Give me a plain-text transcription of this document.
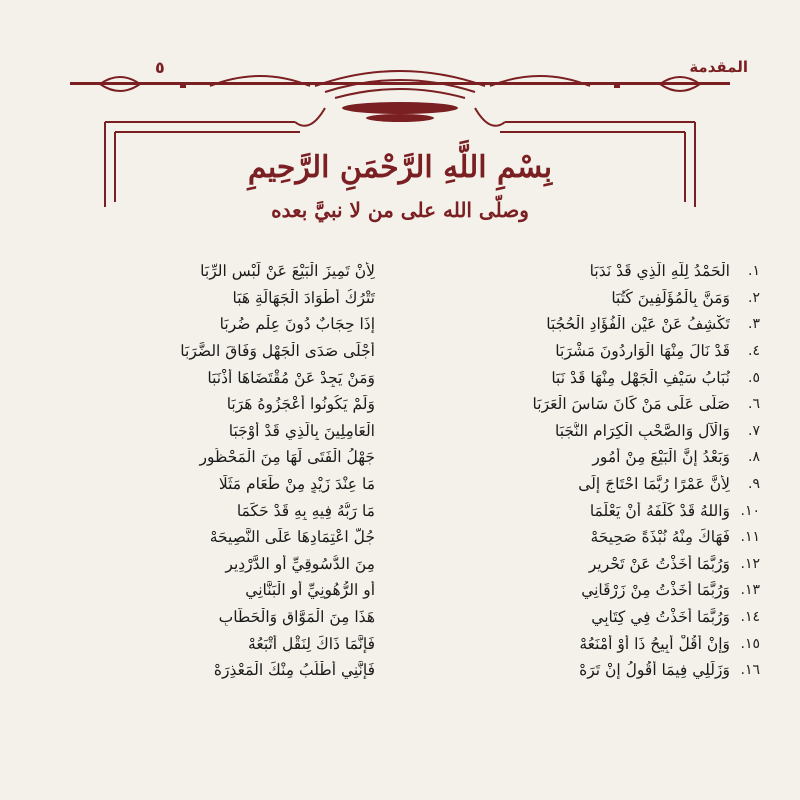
المقدمة
٥
بِسْمِ اللَّهِ الرَّحْمَنِ الرَّحِيمِ
وصلّى الله على من لا نبيَّ بعده
١.
الْحَمْدُ لِلَّهِ الَّذِي قَدْ نَدَبَا
لِأَنْ تَمِيزَ الْبَيْعَ عَنْ لَبْسِ الرِّبَا
٢.
وَمَنَّ بِالْمُؤَلِّفِينَ كُتُبَا
تَتْرُكُ أَطْوَادَ الْجَهَالَةِ هَبَا
٣.
تَكْشِفُ عَنْ عَيْنِ الْفُؤَادِ الْحُجُبَا
إِذَا حِجَابٌ دُونَ عِلْمٍ ضُرِبَا
٤.
قَدْ نَالَ مِنْهَا الْوَارِدُونَ مَشْرَبَا
أَجْلَى صَدَى الْجَهْلِ وَفَاقَ الضَّرَبَا
٥.
نُبَابُ سَيْفِ الْجَهْلِ مِنْهَا قَدْ نَبَا
وَمَنْ يَجِدْ عَنْ مُقْتَضَاهَا أَذْنَبَا
٦.
صَلَّى عَلَى مَنْ كَانَ سَاسَ الْعَرَبَا
وَلَمْ يَكُونُوا أَعْجَزُوهُ هَرَبَا
٧.
وَالْآلِ وَالصَّحْبِ الْكِرَامِ النُّجَبَا
الْعَامِلِينَ بِالَّذِي قَدْ أَوْجَبَا
٨.
وَبَعْدُ إِنَّ الْبَيْعَ مِنْ أُمُورِ
جَهْلُ الْفَتَى لَهَا مِنَ الْمَحْظُورِ
٩.
لِأَنَّ عَمْرًا رُبَّمَا احْتَاجَ إِلَى
مَا عِنْدَ زَيْدٍ مِنْ طَعَامٍ مَثَلًا
١٠.
وَاللهُ قَدْ كَلَّفَهُ أَنْ يَعْلَمَا
مَا رَبُّهُ فِيهِ بِهِ قَدْ حَكَمَا
١١.
فَهَاكَ مِنْهُ نُبْذَةً صَحِيحَهْ
جُلُّ اعْتِمَادِهَا عَلَى النَّصِيحَهْ
١٢.
وَرُبَّمَا أَخَذْتُ عَنْ تَحْرِيرِ
مِنَ الدُّسُوقِيِّ أَوِ الدَّرْدِيرِ
١٣.
وَرُبَّمَا أَخَذْتُ مِنْ زَرْقَانِي
أَوِ الرُّهُونِيِّ أَوِ الْبَنَّانِي
١٤.
وَرُبَّمَا أَخَذْتُ فِي كِتَابِي
هَذَا مِنَ الْمَوَّاقِ وَالْحَطَّابِ
١٥.
وَإِنْ أَقُلْ أُبِيحُ ذَا أَوْ أَمْنَعُهْ
فَإِنَّمَا ذَاكَ لِنَقْلٍ أَتْبَعُهْ
١٦.
وَزَلَلِي فِيمَا أَقُولُ إِنْ تَرَهْ
فَإِنَّنِي أَطْلُبُ مِنْكَ الْمَعْذِرَهْ
